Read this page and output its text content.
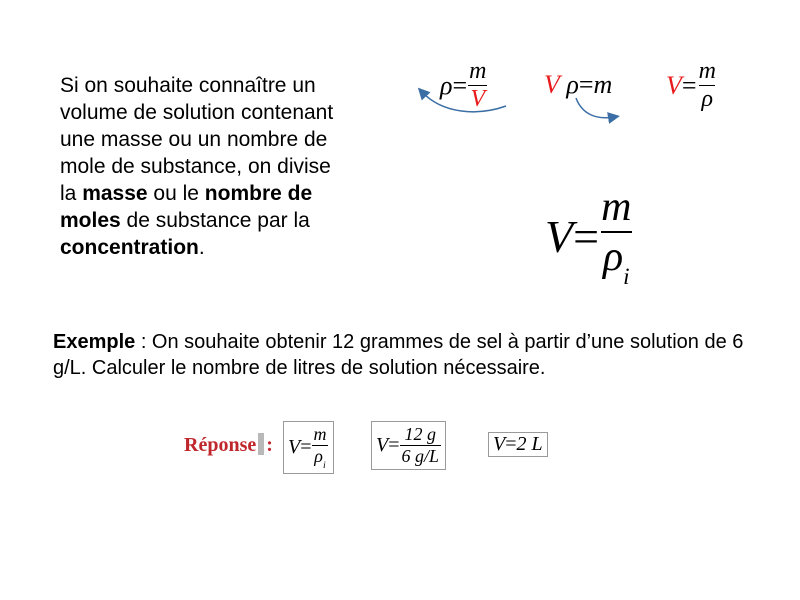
Si on souhaite connaître un
volume de solution contenant
une masse ou un nombre de
mole de substance, on divise
la masse ou le nombre de
moles de substance par la
concentration.
$\rho = \frac{m}{V}$ V
ρ = m $V = \frac{m}{\rho}$
$V = \frac{m}{\rho_i}$
Exemple : On souhaite obtenir 12 grammes de sel à partir d’une solution de 6 g/L. Calculer le nombre de litres de solution nécessaire.
Réponse : $V = \frac{m}{\rho_i}$ $V = \frac{12 g}{6 g/L}$	V = 2 L
